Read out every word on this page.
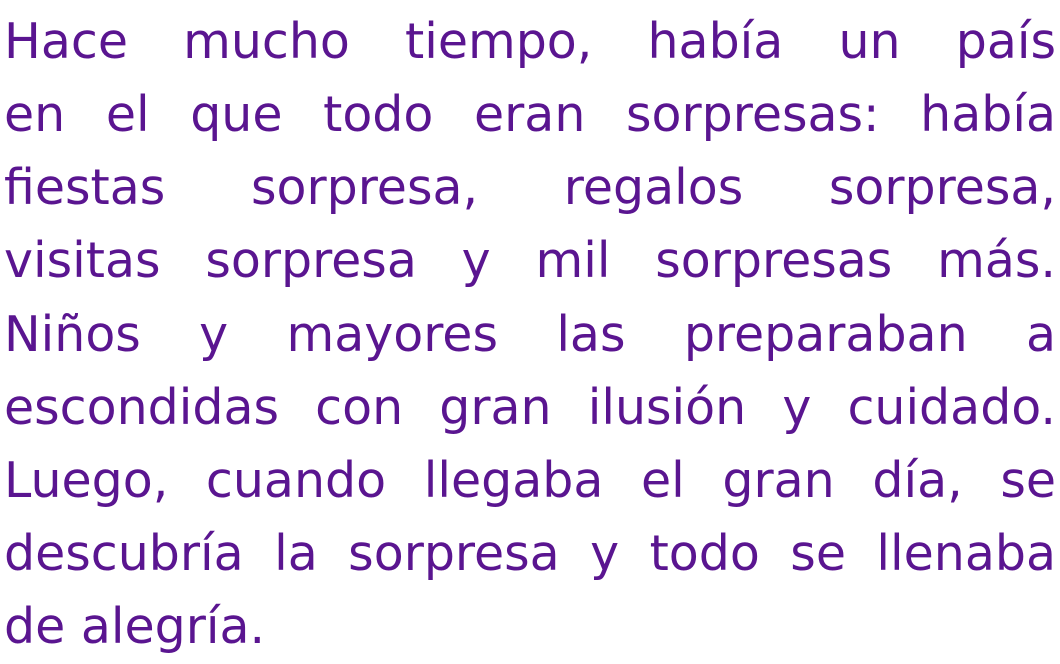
Hace mucho tiempo, había un país
en el que todo eran sorpresas: había
fiestas sorpresa, regalos sorpresa,
visitas sorpresa y mil sorpresas más.
Niños y mayores las preparaban a
escondidas con gran ilusión y cuidado.
Luego, cuando llegaba el gran día, se
descubría la sorpresa y todo se llenaba
de alegría.
